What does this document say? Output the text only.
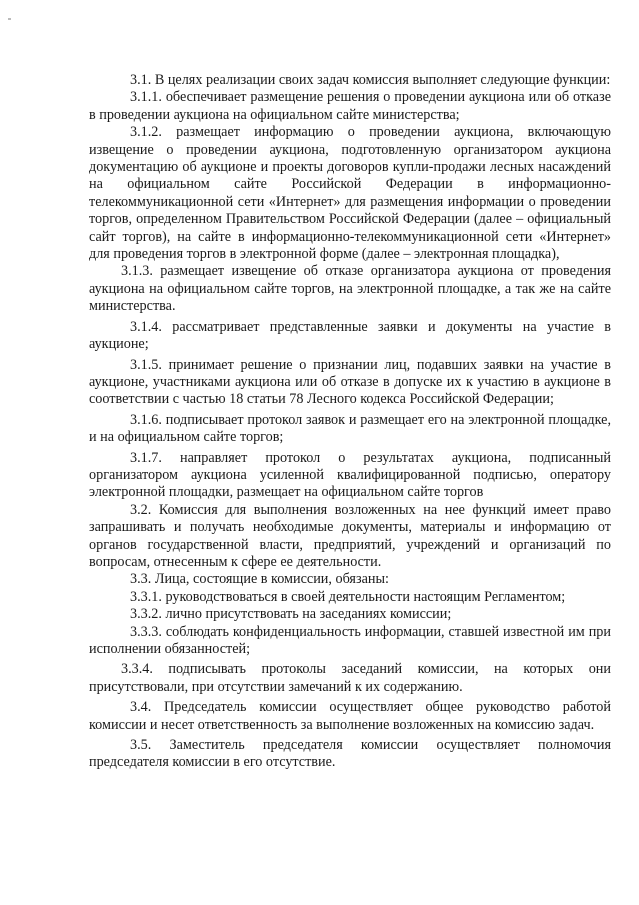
3.1. В целях реализации своих задач комиссия выполняет следующие функции:

3.1.1. обеспечивает размещение решения о проведении аукциона или об отказе в проведении аукциона на официальном сайте министерства;

3.1.2. размещает информацию о проведении аукциона, включающую извещение о проведении аукциона, подготовленную организатором аукциона документацию об аукционе и проекты договоров купли-продажи лесных насаждений на официальном сайте Российской Федерации в информационно-телекоммуникационной сети «Интернет» для размещения информации о проведении торгов, определенном Правительством Российской Федерации (далее – официальный сайт торгов), на сайте в информационно-телекоммуникационной сети «Интернет» для проведения торгов в электронной форме (далее – электронная площадка),

3.1.3. размещает извещение об отказе организатора аукциона от проведения аукциона на официальном сайте торгов, на электронной площадке, а так же на сайте министерства.

3.1.4. рассматривает представленные заявки и документы на участие в аукционе;

3.1.5. принимает решение о признании лиц, подавших заявки на участие в аукционе, участниками аукциона или об отказе в допуске их к участию в аукционе в соответствии с частью 18 статьи 78 Лесного кодекса Российской Федерации;

3.1.6. подписывает протокол заявок и размещает его на электронной площадке, и на официальном сайте торгов;

3.1.7. направляет протокол о результатах аукциона, подписанный организатором аукциона усиленной квалифицированной подписью, оператору электронной площадки, размещает на официальном сайте торгов

3.2. Комиссия для выполнения возложенных на нее функций имеет право запрашивать и получать необходимые документы, материалы и информацию от органов государственной власти, предприятий, учреждений и организаций по вопросам, отнесенным к сфере ее деятельности.

3.3. Лица, состоящие в комиссии, обязаны:

3.3.1. руководствоваться в своей деятельности настоящим Регламентом;

3.3.2. лично присутствовать на заседаниях комиссии;

3.3.3. соблюдать конфиденциальность информации, ставшей известной им при исполнении обязанностей;

3.3.4. подписывать протоколы заседаний комиссии, на которых они присутствовали, при отсутствии замечаний к их содержанию.

3.4. Председатель комиссии осуществляет общее руководство работой комиссии и несет ответственность за выполнение возложенных на комиссию задач.

3.5. Заместитель председателя комиссии осуществляет полномочия председателя комиссии в его отсутствие.
